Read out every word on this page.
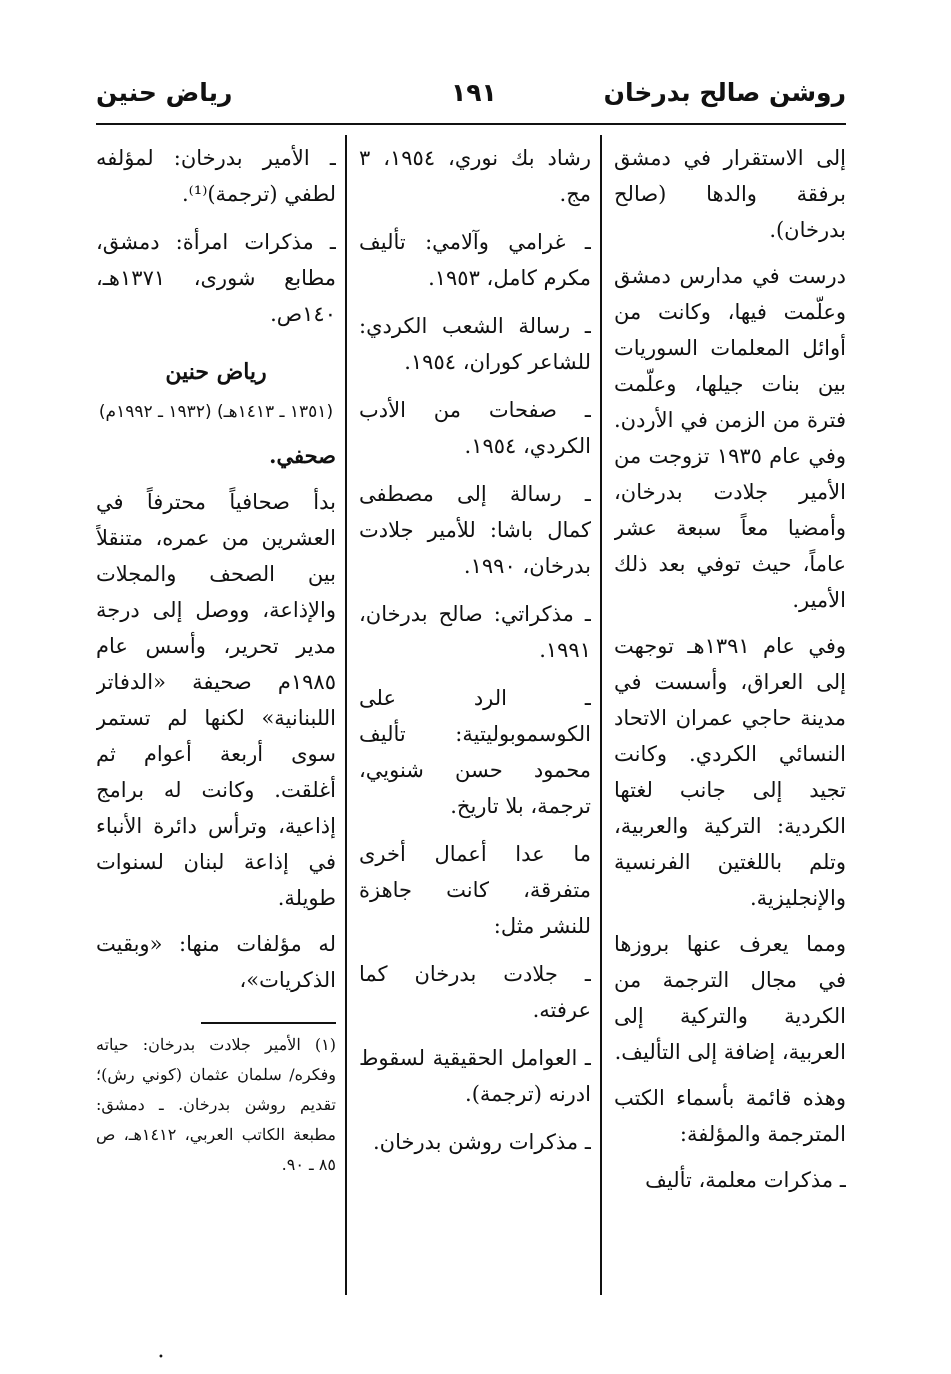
روشن صالح بدرخان
١٩١
رياض حنين

إلى الاستقرار في دمشق برفقة والدها (صالح بدرخان).

درست في مدارس دمشق وعلّمت فيها، وكانت من أوائل المعلمات السوريات بين بنات جيلها، وعلّمت فترة من الزمن في الأردن. وفي عام ١٩٣٥ تزوجت من الأمير جلادت بدرخان، وأمضيا معاً سبعة عشر عاماً، حيث توفي بعد ذلك الأمير.

وفي عام ١٣٩١هـ توجهت إلى العراق، وأسست في مدينة حاجي عمران الاتحاد النسائي الكردي. وكانت تجيد إلى جانب لغتها الكردية: التركية والعربية، وتلم باللغتين الفرنسية والإنجليزية.

ومما يعرف عنها بروزها في مجال الترجمة من الكردية والتركية إلى العربية، إضافة إلى التأليف.

وهذه قائمة بأسماء الكتب المترجمة والمؤلفة:

ـ مذكرات معلمة، تأليف

رشاد بك نوري، ١٩٥٤، ٣ مج.

ـ غرامي وآلامي: تأليف مكرم كامل، ١٩٥٣.

ـ رسالة الشعب الكردي: للشاعر كوران، ١٩٥٤.

ـ صفحات من الأدب الكردي، ١٩٥٤.

ـ رسالة إلى مصطفى كمال باشا: للأمير جلادت بدرخان، ١٩٩٠.

ـ مذكراتي: صالح بدرخان، ١٩٩١.

ـ الرد على الكوسموبوليتية: تأليف محمود حسن شنويي، ترجمة، بلا تاريخ.

ما عدا أعمال أخرى متفرقة، كانت جاهزة للنشر مثل:

ـ جلادت بدرخان كما عرفته.

ـ العوامل الحقيقية لسقوط ادرنه (ترجمة).

ـ مذكرات روشن بدرخان.

ـ الأمير بدرخان: لمؤلفه لطفي (ترجمة)⁽¹⁾.

ـ مذكرات امرأة: دمشق، مطابع شورى، ١٣٧١هـ، ١٤٠ص.

رياض حنين
(١٣٥١ ـ ١٤١٣هـ) (١٩٣٢ ـ ١٩٩٢م)

صحفي.

بدأ صحافياً محترفاً في العشرين من عمره، متنقلاً بين الصحف والمجلات والإذاعة، ووصل إلى درجة مدير تحرير، وأسس عام ١٩٨٥م صحيفة «الدفاتر اللبنانية» لكنها لم تستمر سوى أربعة أعوام ثم أغلقت. وكانت له برامج إذاعية، وترأس دائرة الأنباء في إذاعة لبنان لسنوات طويلة.

له مؤلفات منها: «وبقيت الذكريات»،

(١) الأمير جلادت بدرخان: حياته وفكره/ سلمان عثمان (كوني رش)؛ تقديم روشن بدرخان. ـ دمشق: مطبعة الكاتب العربي، ١٤١٢هـ، ص ٨٥ ـ ٩٠.
•
